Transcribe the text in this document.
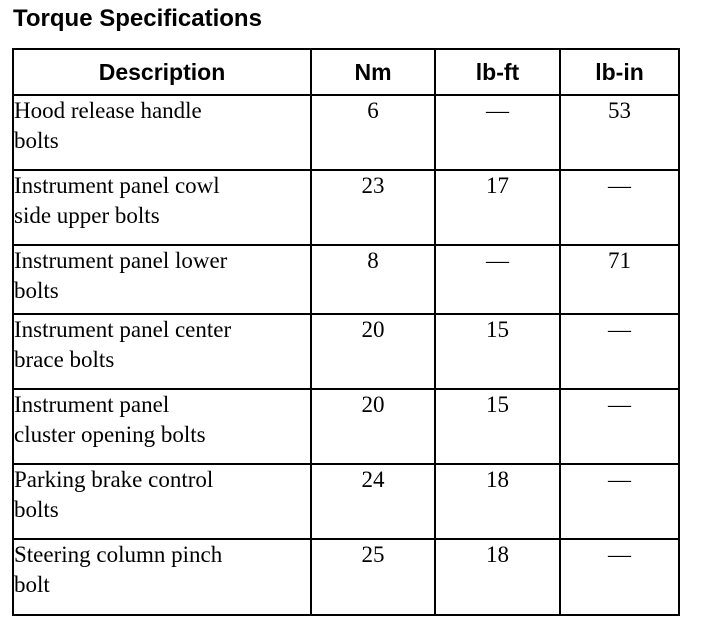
Torque Specifications
Description	Nm	lb-ft	lb-in
Hood release handle
bolts	6	—	53
Instrument panel cowl
side upper bolts	23	17	—
Instrument panel lower
bolts	8	—	71
Instrument panel center
brace bolts	20	15	—
Instrument panel
cluster opening bolts	20	15	—
Parking brake control
bolts	24	18	—
Steering column pinch
bolt	25	18	—
